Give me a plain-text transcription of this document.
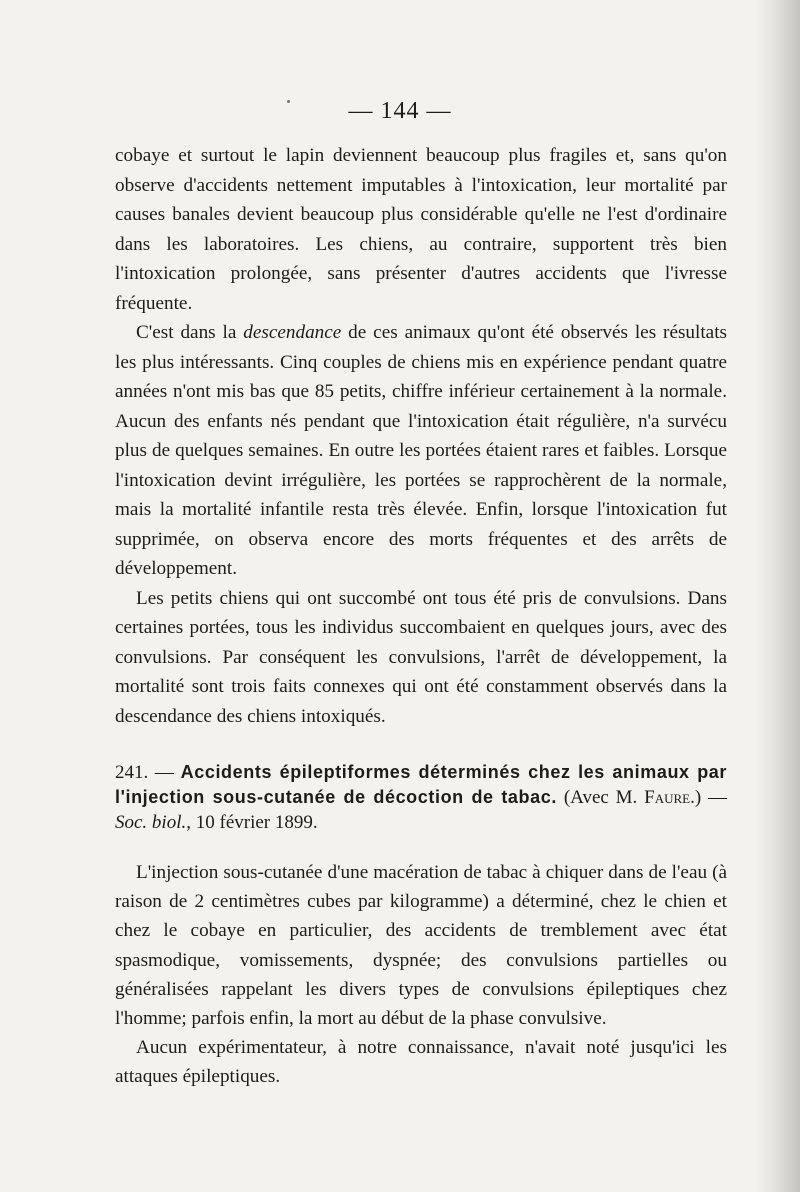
— 144 —

cobaye et surtout le lapin deviennent beaucoup plus fragiles et, sans qu'on observe d'accidents nettement imputables à l'intoxication, leur mortalité par causes banales devient beaucoup plus considérable qu'elle ne l'est d'ordinaire dans les laboratoires. Les chiens, au contraire, supportent très bien l'intoxication prolongée, sans présenter d'autres accidents que l'ivresse fréquente.

C'est dans la descendance de ces animaux qu'ont été observés les résultats les plus intéressants. Cinq couples de chiens mis en expérience pendant quatre années n'ont mis bas que 85 petits, chiffre inférieur certainement à la normale. Aucun des enfants nés pendant que l'intoxication était régulière, n'a survécu plus de quelques semaines. En outre les portées étaient rares et faibles. Lorsque l'intoxication devint irrégulière, les portées se rapprochèrent de la normale, mais la mortalité infantile resta très élevée. Enfin, lorsque l'intoxication fut supprimée, on observa encore des morts fréquentes et des arrêts de développement.

Les petits chiens qui ont succombé ont tous été pris de convulsions. Dans certaines portées, tous les individus succombaient en quelques jours, avec des convulsions. Par conséquent les convulsions, l'arrêt de développement, la mortalité sont trois faits connexes qui ont été constamment observés dans la descendance des chiens intoxiqués.

241. — Accidents épileptiformes déterminés chez les animaux par l'injection sous-cutanée de décoction de tabac. (Avec M. Faure.) — Soc. biol., 10 février 1899.

L'injection sous-cutanée d'une macération de tabac à chiquer dans de l'eau (à raison de 2 centimètres cubes par kilogramme) a déterminé, chez le chien et chez le cobaye en particulier, des accidents de tremblement avec état spasmodique, vomissements, dyspnée; des convulsions partielles ou généralisées rappelant les divers types de convulsions épileptiques chez l'homme; parfois enfin, la mort au début de la phase convulsive.

Aucun expérimentateur, à notre connaissance, n'avait noté jusqu'ici les attaques épileptiques.
